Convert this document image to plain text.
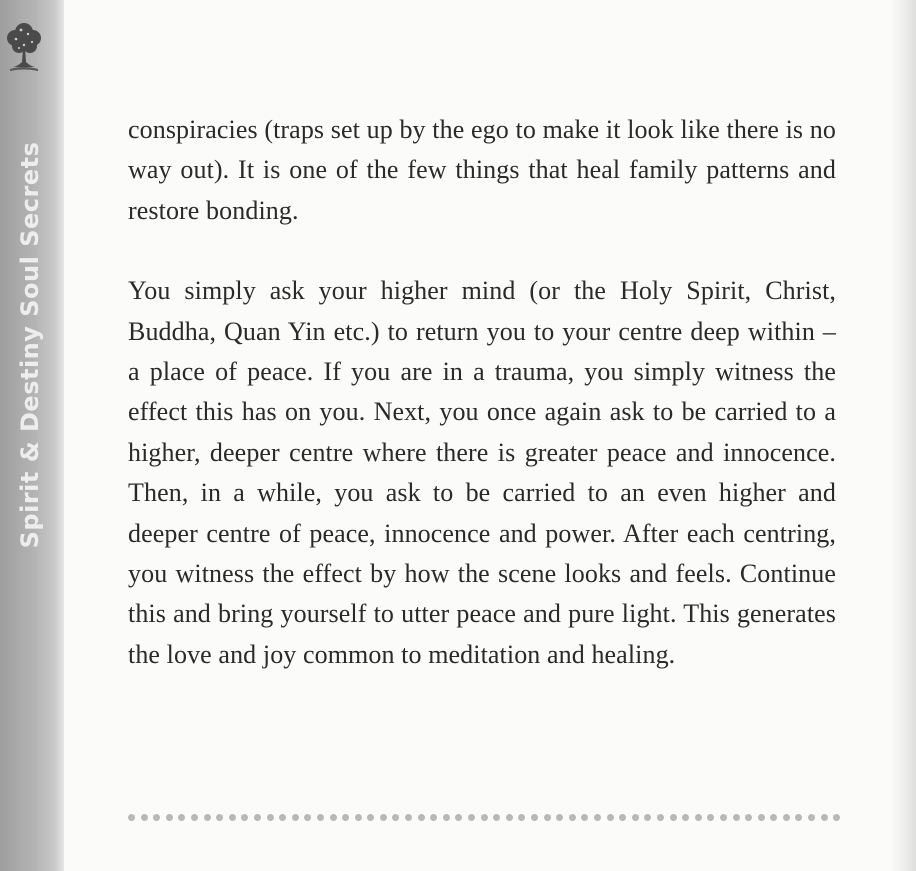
Spirit & Destiny Soul Secrets

conspiracies (traps set up by the ego to make it look like there is no way out). It is one of the few things that heal family patterns and restore bonding.

You simply ask your higher mind (or the Holy Spirit, Christ, Buddha, Quan Yin etc.) to return you to your centre deep within – a place of peace. If you are in a trauma, you simply witness the effect this has on you. Next, you once again ask to be carried to a higher, deeper centre where there is greater peace and innocence. Then, in a while, you ask to be carried to an even higher and deeper centre of peace, innocence and power. After each centring, you witness the effect by how the scene looks and feels. Continue this and bring yourself to utter peace and pure light. This generates the love and joy common to meditation and healing.
